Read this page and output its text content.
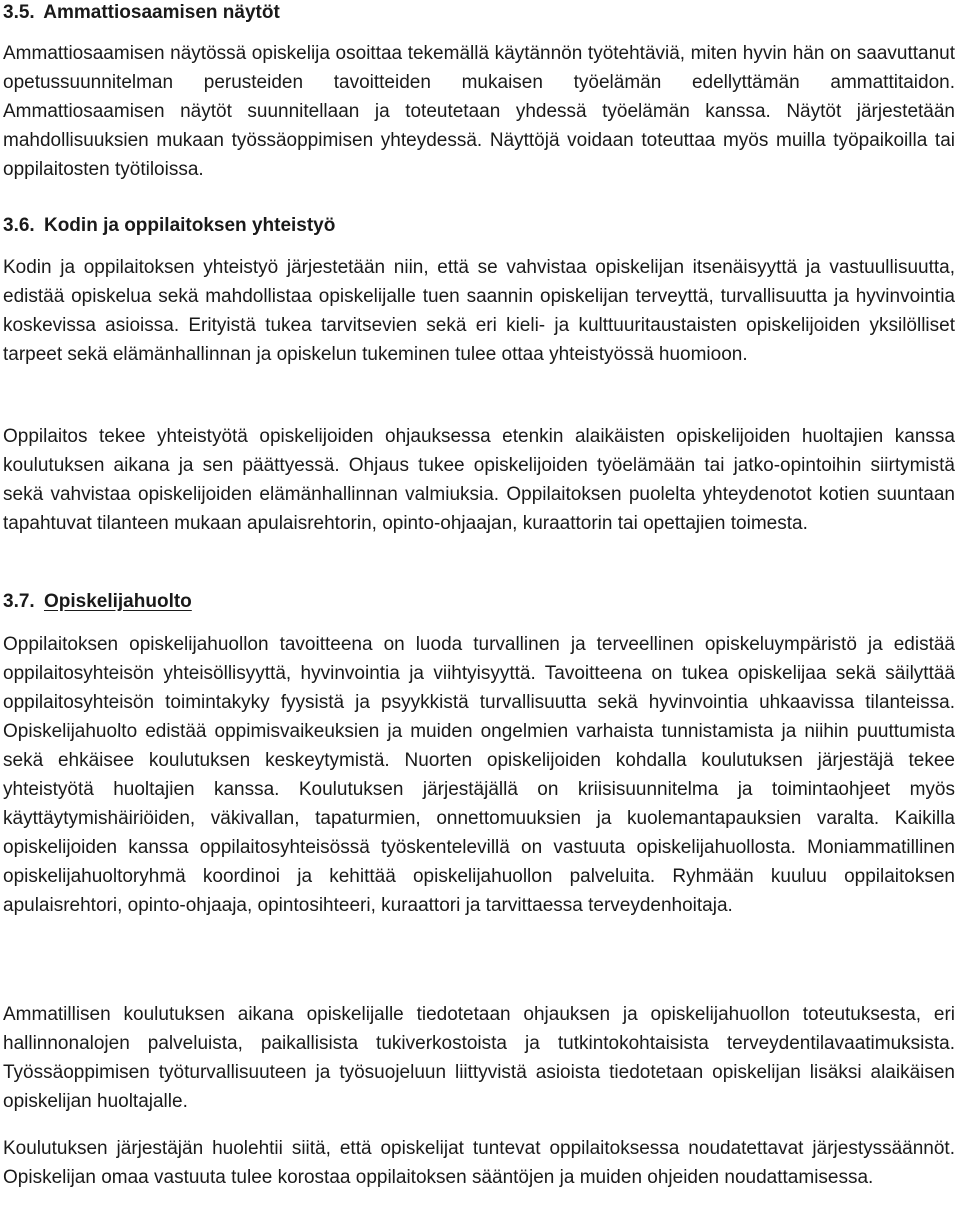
3.5. Ammattiosaamisen näytöt

Ammattiosaamisen näytössä opiskelija osoittaa tekemällä käytännön työtehtäviä, miten hyvin hän on saavuttanut opetussuunnitelman perusteiden tavoitteiden mukaisen työelämän edellyttämän ammattitaidon. Ammattiosaamisen näytöt suunnitellaan ja toteutetaan yhdessä työelämän kanssa. Näytöt järjestetään mahdollisuuksien mukaan työssäoppimisen yhteydessä. Näyttöjä voidaan toteuttaa myös muilla työpaikoilla tai oppilaitosten työtiloissa.

3.6. Kodin ja oppilaitoksen yhteistyö

Kodin ja oppilaitoksen yhteistyö järjestetään niin, että se vahvistaa opiskelijan itsenäisyyttä ja vastuullisuutta, edistää opiskelua sekä mahdollistaa opiskelijalle tuen saannin opiskelijan terveyttä, turvallisuutta ja hyvinvointia koskevissa asioissa. Erityistä tukea tarvitsevien sekä eri kieli- ja kulttuuritaustaisten opiskelijoiden yksilölliset tarpeet sekä elämänhallinnan ja opiskelun tukeminen tulee ottaa yhteistyössä huomioon.

Oppilaitos tekee yhteistyötä opiskelijoiden ohjauksessa etenkin alaikäisten opiskelijoiden huoltajien kanssa koulutuksen aikana ja sen päättyessä. Ohjaus tukee opiskelijoiden työelämään tai jatko-opintoihin siirtymistä sekä vahvistaa opiskelijoiden elämänhallinnan valmiuksia. Oppilaitoksen puolelta yhteydenotot kotien suuntaan tapahtuvat tilanteen mukaan apulaisrehtorin, opinto-ohjaajan, kuraattorin tai opettajien toimesta.

3.7. Opiskelijahuolto

Oppilaitoksen opiskelijahuollon tavoitteena on luoda turvallinen ja terveellinen opiskeluympäristö ja edistää oppilaitosyhteisön yhteisöllisyyttä, hyvinvointia ja viihtyisyyttä. Tavoitteena on tukea opiskelijaa sekä säilyttää oppilaitosyhteisön toimintakyky fyysistä ja psyykkistä turvallisuutta sekä hyvinvointia uhkaavissa tilanteissa. Opiskelijahuolto edistää oppimisvaikeuksien ja muiden ongelmien varhaista tunnistamista ja niihin puuttumista sekä ehkäisee koulutuksen keskeytymistä. Nuorten opiskelijoiden kohdalla koulutuksen järjestäjä tekee yhteistyötä huoltajien kanssa. Koulutuksen järjestäjällä on kriisisuunnitelma ja toimintaohjeet myös käyttäytymishäiriöiden, väkivallan, tapaturmien, onnettomuuksien ja kuolemantapauksien varalta. Kaikilla opiskelijoiden kanssa oppilaitosyhteisössä työskentelevillä on vastuuta opiskelijahuollosta. Moniammatillinen opiskelijahuoltoryhmä koordinoi ja kehittää opiskelijahuollon palveluita. Ryhmään kuuluu oppilaitoksen apulaisrehtori, opinto-ohjaaja, opintosihteeri, kuraattori ja tarvittaessa terveydenhoitaja.

Ammatillisen koulutuksen aikana opiskelijalle tiedotetaan ohjauksen ja opiskelijahuollon toteutuksesta, eri hallinnonalojen palveluista, paikallisista tukiverkostoista ja tutkintokohtaisista terveydentilavaatimuksista. Työssäoppimisen työturvallisuuteen ja työsuojeluun liittyvistä asioista tiedotetaan opiskelijan lisäksi alaikäisen opiskelijan huoltajalle.

Koulutuksen järjestäjän huolehtii siitä, että opiskelijat tuntevat oppilaitoksessa noudatettavat järjestyssäännöt. Opiskelijan omaa vastuuta tulee korostaa oppilaitoksen sääntöjen ja muiden ohjeiden noudattamisessa.
